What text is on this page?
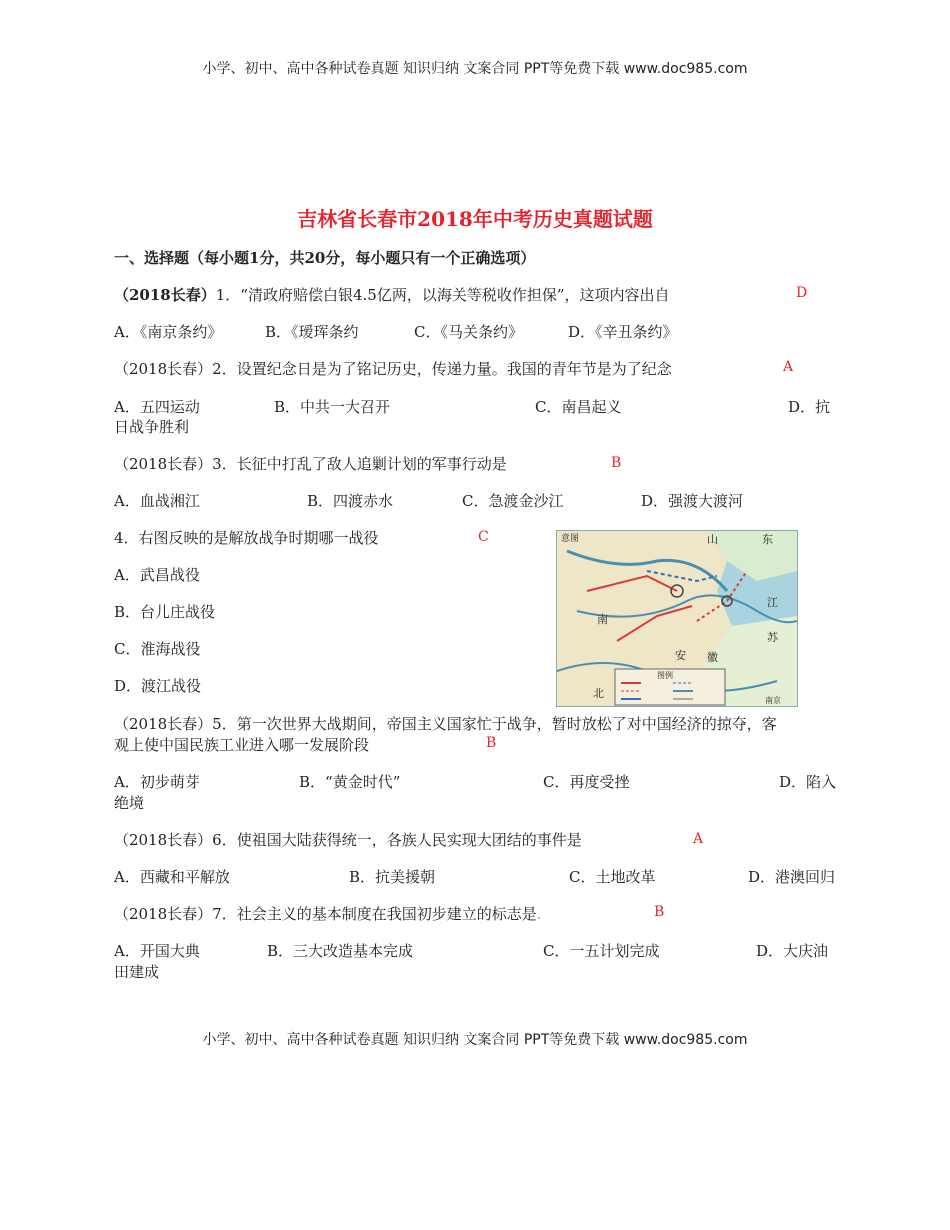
小学、初中、高中各种试卷真题 知识归纳 文案合同 PPT等免费下载 www.doc985.com
吉林省长春市2018年中考历史真题试题
一、选择题（每小题1分，共20分，每小题只有一个正确选项）
（2018长春）1．“清政府赔偿白银4.5亿两，以海关等税收作担保”，这项内容出自	D
A．《南京条约》	B．《瑷珲条约	C．《马关条约》	D．《辛丑条约》
（2018长春）2．设置纪念日是为了铭记历史，传递力量。我国的青年节是为了纪念	A
A．五四运动	B．中共一大召开	C．南昌起义	D．抗
日战争胜利
（2018长春）3．长征中打乱了敌人追剿计划的军事行动是	B
A．血战湘江	B．四渡赤水	C．急渡金沙江	D．强渡大渡河
4．右图反映的是解放战争时期哪一战役	C
A．武昌战役
B．台儿庄战役
C．淮海战役
D．渡江战役
意图	山	东
江
苏
南
安 徽
北
图例
南京
（2018长春）5．第一次世界大战期间，帝国主义国家忙于战争，暂时放松了对中国经济的掠夺，客
观上使中国民族工业进入哪一发展阶段	B
A．初步萌芽	B．“黄金时代”	C．再度受挫	D．陷入
绝境
（2018长春）6．使祖国大陆获得统一，各族人民实现大团结的事件是	A
A．西藏和平解放	B．抗美援朝	C．土地改革	D．港澳回归
（2018长春）7．社会主义的基本制度在我国初步建立的标志是.	B
A．开国大典	B．三大改造基本完成	C．一五计划完成	D．大庆油
田建成
小学、初中、高中各种试卷真题 知识归纳 文案合同 PPT等免费下载 www.doc985.com
